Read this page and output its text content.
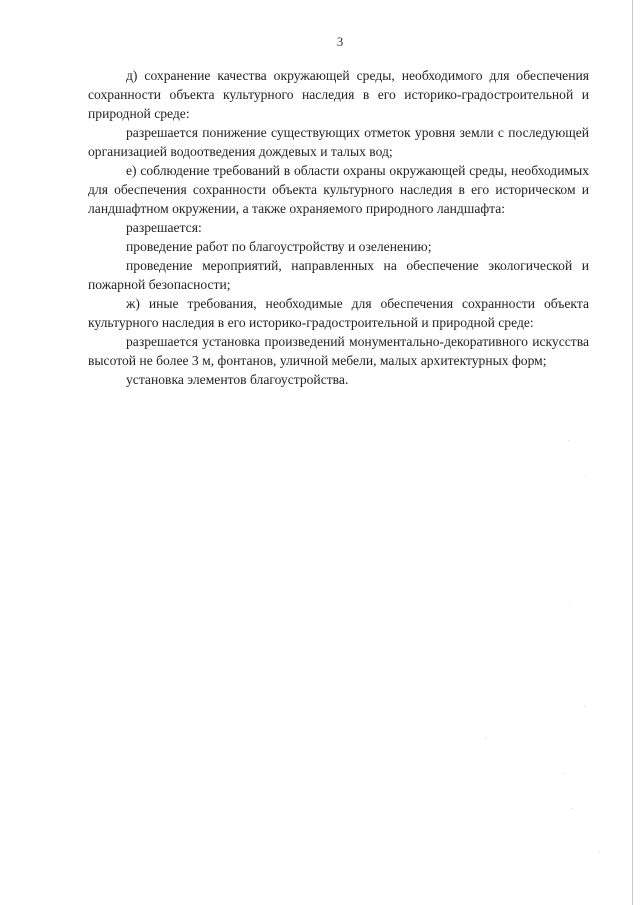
3

д) сохранение качества окружающей среды, необходимого для обеспечения сохранности объекта культурного наследия в его историко-градостроительной и природной среде:

разрешается понижение существующих отметок уровня земли с последующей организацией водоотведения дождевых и талых вод;

е) соблюдение требований в области охраны окружающей среды, необходимых для обеспечения сохранности объекта культурного наследия в его историческом и ландшафтном окружении, а также охраняемого природного ландшафта:

разрешается:

проведение работ по благоустройству и озеленению;

проведение мероприятий, направленных на обеспечение экологической и пожарной безопасности;

ж) иные требования, необходимые для обеспечения сохранности объекта культурного наследия в его историко-градостроительной и природной среде:

разрешается установка произведений монументально-декоративного искусства высотой не более 3 м, фонтанов, уличной мебели, малых архитектурных форм;

установка элементов благоустройства.
